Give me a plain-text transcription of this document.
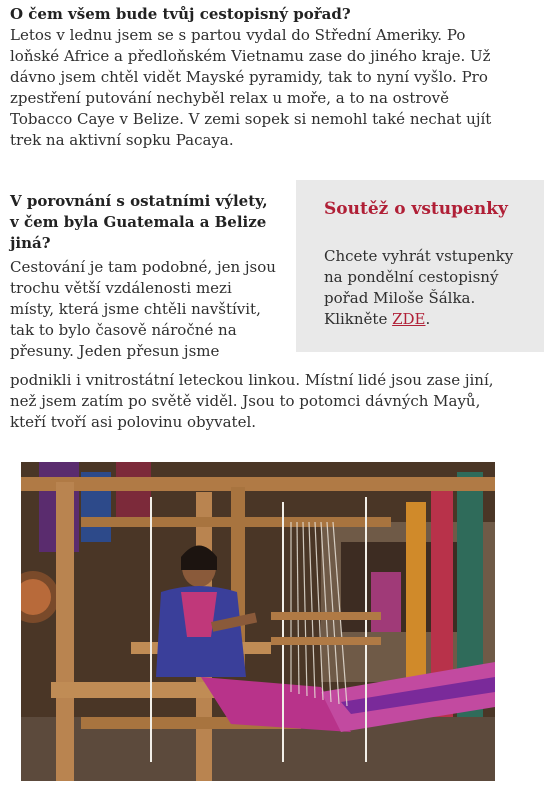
O čem všem bude tvůj cestopisný pořad?
Letos v lednu jsem se s partou vydal do Střední Ameriky. Po loňské Africe a předloňském Vietnamu zase do jiného kraje. Už dávno jsem chtěl vidět Mayské pyramidy, tak to nyní vyšlo. Pro zpestření putování nechyběl relax u moře, a to na ostrově Tobacco Caye v Belize. V zemi sopek si nemohl také nechat ujít trek na aktivní sopku Pacaya.
V porovnání s ostatními výlety, v čem byla Guatemala a Belize jiná?
Cestování je tam podobné, jen jsou trochu větší vzdálenosti mezi místy, která jsme chtěli navštívit, tak to bylo časově náročné na přesuny. Jeden přesun jsme
podnikli i vnitrostátní leteckou linkou. Místní lidé jsou zase jiní, než jsem zatím po světě viděl. Jsou to potomci dávných Mayů, kteří tvoří asi polovinu obyvatel.
Soutěž o vstupenky
Chcete vyhrát vstupenky na pondělní cestopisný pořad Miloše Šálka. Klikněte ZDE.
